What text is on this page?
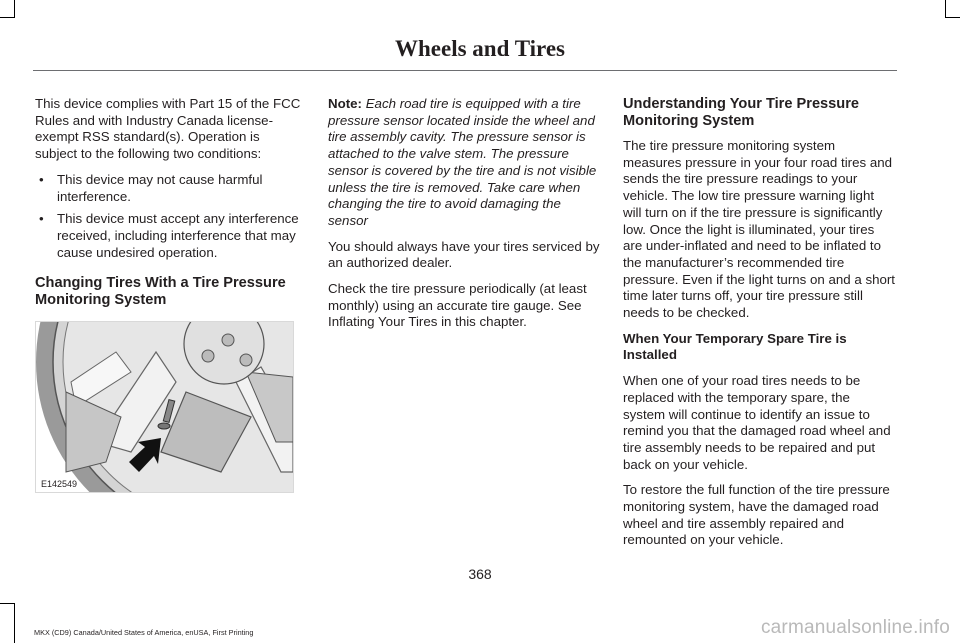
Wheels and Tires

This device complies with Part 15 of the FCC Rules and with Industry Canada license-exempt RSS standard(s). Operation is subject to the following two conditions:

• This device may not cause harmful interference.
• This device must accept any interference received, including interference that may cause undesired operation.
Changing Tires With a Tire Pressure Monitoring System
E142549

Note: Each road tire is equipped with a tire pressure sensor located inside the wheel and tire assembly cavity. The pressure sensor is attached to the valve stem. The pressure sensor is covered by the tire and is not visible unless the tire is removed. Take care when changing the tire to avoid damaging the sensor

You should always have your tires serviced by an authorized dealer.

Check the tire pressure periodically (at least monthly) using an accurate tire gauge. See Inflating Your Tires in this chapter.

Understanding Your Tire Pressure Monitoring System

The tire pressure monitoring system measures pressure in your four road tires and sends the tire pressure readings to your vehicle. The low tire pressure warning light will turn on if the tire pressure is significantly low. Once the light is illuminated, your tires are under-inflated and need to be inflated to the manufacturer’s recommended tire pressure. Even if the light turns on and a short time later turns off, your tire pressure still needs to be checked.

When Your Temporary Spare Tire is Installed

When one of your road tires needs to be replaced with the temporary spare, the system will continue to identify an issue to remind you that the damaged road wheel and tire assembly needs to be repaired and put back on your vehicle.

To restore the full function of the tire pressure monitoring system, have the damaged road wheel and tire assembly repaired and remounted on your vehicle.

368
MKX (CD9) Canada/United States of America, enUSA, First Printing	carmanualsonline.info
